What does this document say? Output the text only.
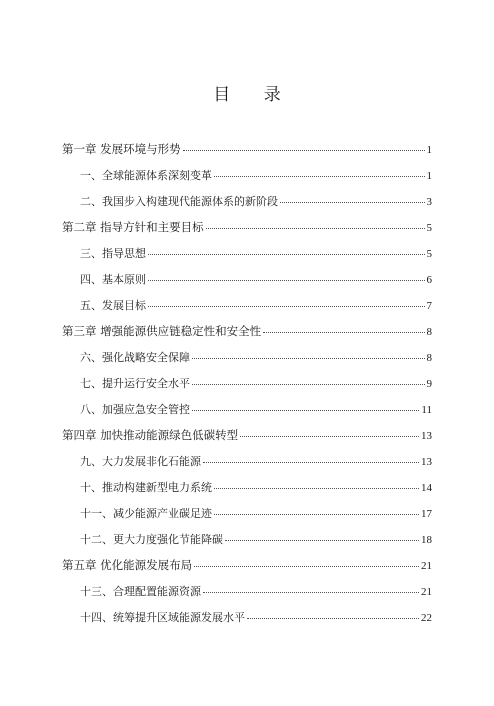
目 录
第一章 发展环境与形势	1
一、全球能源体系深刻变革	1
二、我国步入构建现代能源体系的新阶段	3
第二章 指导方针和主要目标	5
三、指导思想	5
四、基本原则	6
五、发展目标	7
第三章 增强能源供应链稳定性和安全性	8
六、强化战略安全保障	8
七、提升运行安全水平	9
八、加强应急安全管控	11
第四章 加快推动能源绿色低碳转型	13
九、大力发展非化石能源	13
十、推动构建新型电力系统	14
十一、减少能源产业碳足迹	17
十二、更大力度强化节能降碳	18
第五章 优化能源发展布局	21
十三、合理配置能源资源	21
十四、统筹提升区域能源发展水平	22
